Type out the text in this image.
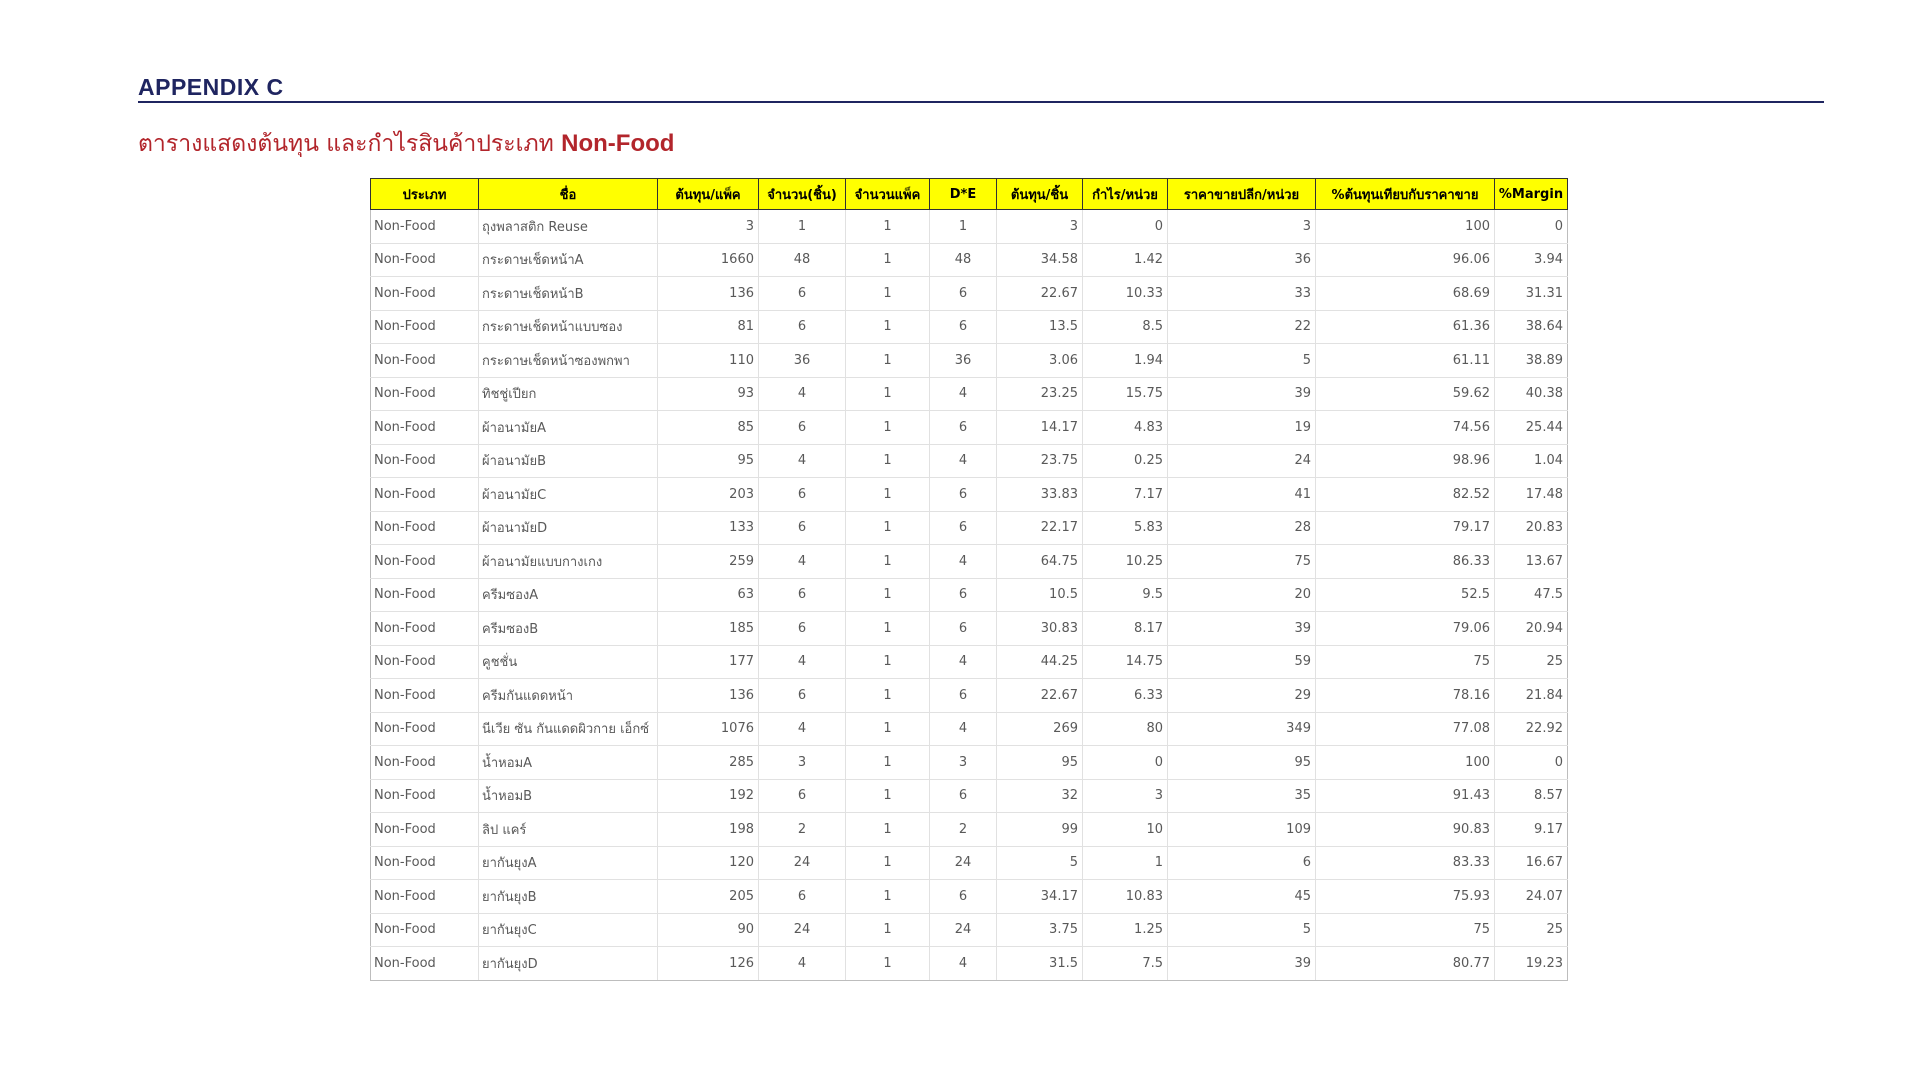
APPENDIX C
ตารางแสดงต้นทุน และกำไรสินค้าประเภท Non-Food
ประเภท	ชื่อ	ต้นทุน/แพ็ค	จำนวน(ชิ้น)	จำนวนแพ็ค	D*E	ต้นทุน/ชิ้น	กำไร/หน่วย	ราคาขายปลีก/หน่วย	%ต้นทุนเทียบกับราคาขาย	%Margin
Non-Food	ถุงพลาสติก Reuse	3	1	1	1	3	0	3	100	0
Non-Food	กระดาษเช็ดหน้าA	1660	48	1	48	34.58	1.42	36	96.06	3.94
Non-Food	กระดาษเช็ดหน้าB	136	6	1	6	22.67	10.33	33	68.69	31.31
Non-Food	กระดาษเช็ดหน้าแบบซอง	81	6	1	6	13.5	8.5	22	61.36	38.64
Non-Food	กระดาษเช็ดหน้าซองพกพา	110	36	1	36	3.06	1.94	5	61.11	38.89
Non-Food	ทิชชู่เปียก	93	4	1	4	23.25	15.75	39	59.62	40.38
Non-Food	ผ้าอนามัยA	85	6	1	6	14.17	4.83	19	74.56	25.44
Non-Food	ผ้าอนามัยB	95	4	1	4	23.75	0.25	24	98.96	1.04
Non-Food	ผ้าอนามัยC	203	6	1	6	33.83	7.17	41	82.52	17.48
Non-Food	ผ้าอนามัยD	133	6	1	6	22.17	5.83	28	79.17	20.83
Non-Food	ผ้าอนามัยแบบกางเกง	259	4	1	4	64.75	10.25	75	86.33	13.67
Non-Food	ครีมซองA	63	6	1	6	10.5	9.5	20	52.5	47.5
Non-Food	ครีมซองB	185	6	1	6	30.83	8.17	39	79.06	20.94
Non-Food	คูชชั่น	177	4	1	4	44.25	14.75	59	75	25
Non-Food	ครีมกันแดดหน้า	136	6	1	6	22.67	6.33	29	78.16	21.84
Non-Food	นีเวีย ซัน กันแดดผิวกาย เอ็กซ์	1076	4	1	4	269	80	349	77.08	22.92
Non-Food	น้ำหอมA	285	3	1	3	95	0	95	100	0
Non-Food	น้ำหอมB	192	6	1	6	32	3	35	91.43	8.57
Non-Food	ลิป แคร์	198	2	1	2	99	10	109	90.83	9.17
Non-Food	ยากันยุงA	120	24	1	24	5	1	6	83.33	16.67
Non-Food	ยากันยุงB	205	6	1	6	34.17	10.83	45	75.93	24.07
Non-Food	ยากันยุงC	90	24	1	24	3.75	1.25	5	75	25
Non-Food	ยากันยุงD	126	4	1	4	31.5	7.5	39	80.77	19.23
